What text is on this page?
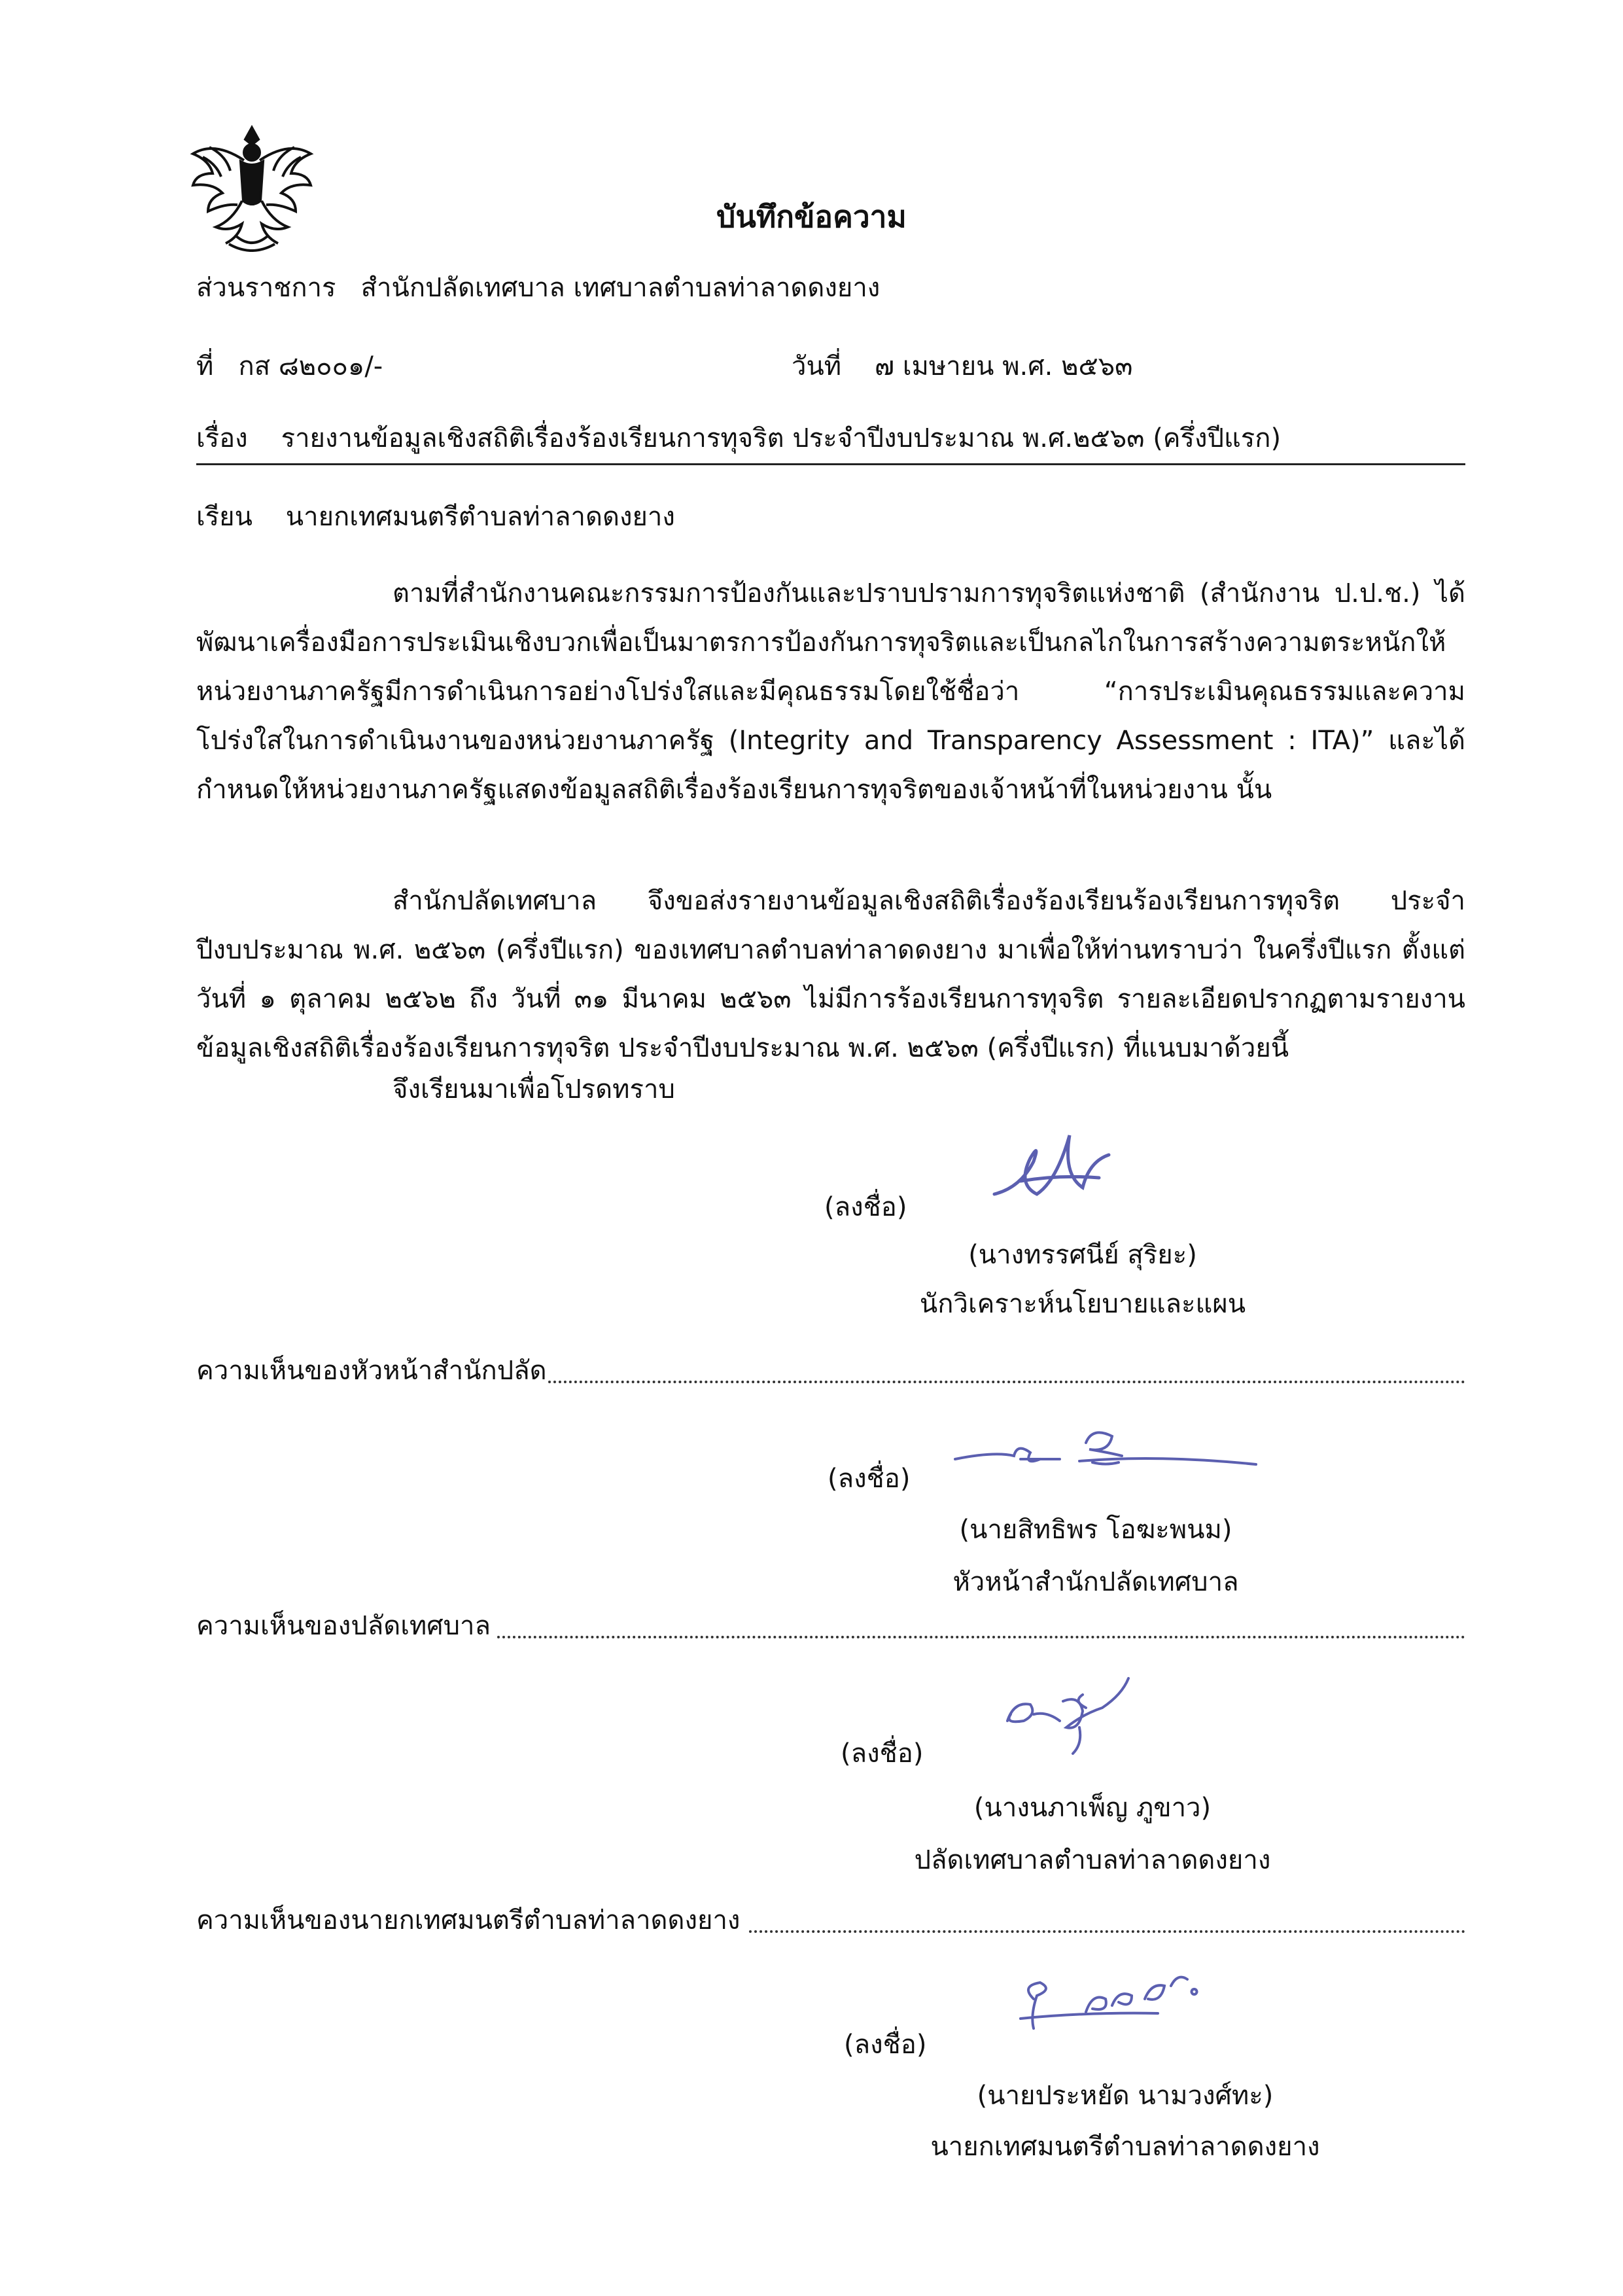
บันทึกข้อความ
ส่วนราชการ สำนักปลัดเทศบาล เทศบาลตำบลท่าลาดดงยาง
ที่ กส ๘๒๐๐๑/-	วันที่ ๗ เมษายน พ.ศ. ๒๕๖๓
เรื่อง รายงานข้อมูลเชิงสถิติเรื่องร้องเรียนการทุจริต ประจำปีงบประมาณ พ.ศ.๒๕๖๓ (ครึ่งปีแรก)
เรียน นายกเทศมนตรีตำบลท่าลาดดงยาง
ตามที่สำนักงานคณะกรรมการป้องกันและปราบปรามการทุจริตแห่งชาติ (สำนักงาน ป.ป.ช.) ได้พัฒนาเครื่องมือการประเมินเชิงบวกเพื่อเป็นมาตรการป้องกันการทุจริตและเป็นกลไกในการสร้างความตระหนักให้หน่วยงานภาครัฐมีการดำเนินการอย่างโปร่งใสและมีคุณธรรมโดยใช้ชื่อว่า “การประเมินคุณธรรมและความโปร่งใสในการดำเนินงานของหน่วยงานภาครัฐ (Integrity and Transparency Assessment : ITA)” และได้กำหนดให้หน่วยงานภาครัฐแสดงข้อมูลสถิติเรื่องร้องเรียนการทุจริตของเจ้าหน้าที่ในหน่วยงาน นั้น
สำนักปลัดเทศบาล จึงขอส่งรายงานข้อมูลเชิงสถิติเรื่องร้องเรียนร้องเรียนการทุจริต ประจำปีงบประมาณ พ.ศ. ๒๕๖๓ (ครึ่งปีแรก) ของเทศบาลตำบลท่าลาดดงยาง มาเพื่อให้ท่านทราบว่า ในครึ่งปีแรก ตั้งแต่วันที่ ๑ ตุลาคม ๒๕๖๒ ถึง วันที่ ๓๑ มีนาคม ๒๕๖๓ ไม่มีการร้องเรียนการทุจริต รายละเอียดปรากฏตามรายงานข้อมูลเชิงสถิติเรื่องร้องเรียนการทุจริต ประจำปีงบประมาณ พ.ศ. ๒๕๖๓ (ครึ่งปีแรก) ที่แนบมาด้วยนี้
จึงเรียนมาเพื่อโปรดทราบ
(ลงชื่อ)
(นางทรรศนีย์ สุริยะ)
นักวิเคราะห์นโยบายและแผน
ความเห็นของหัวหน้าสำนักปลัด
(ลงชื่อ)
(นายสิทธิพร โอฆะพนม)
หัวหน้าสำนักปลัดเทศบาล
ความเห็นของปลัดเทศบาล
(ลงชื่อ)
(นางนภาเพ็ญ ภูขาว)
ปลัดเทศบาลตำบลท่าลาดดงยาง
ความเห็นของนายกเทศมนตรีตำบลท่าลาดดงยาง
(ลงชื่อ)
(นายประหยัด นามวงศ์ทะ)
นายกเทศมนตรีตำบลท่าลาดดงยาง
